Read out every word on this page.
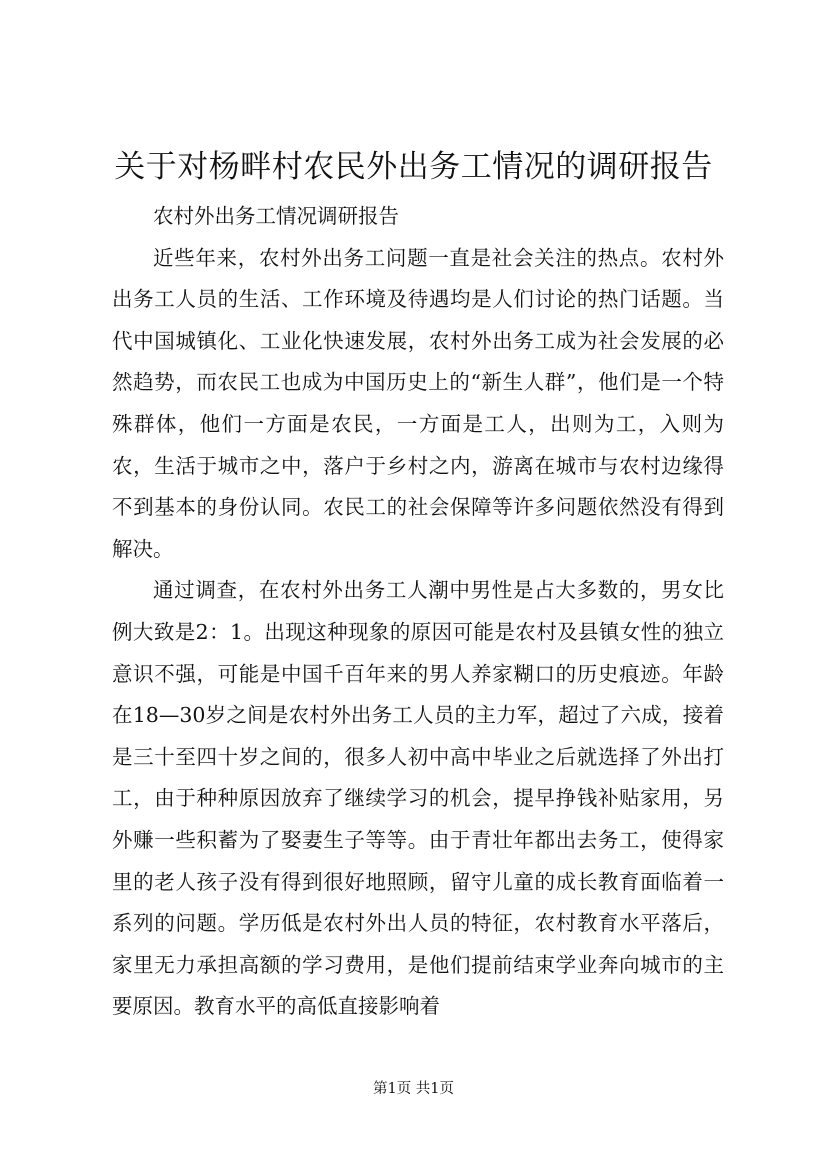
关于对杨畔村农民外出务工情况的调研报告

农村外出务工情况调研报告

近些年来，农村外出务工问题一直是社会关注的热点。农村外出务工人员的生活、工作环境及待遇均是人们讨论的热门话题。当代中国城镇化、工业化快速发展，农村外出务工成为社会发展的必然趋势，而农民工也成为中国历史上的“新生人群”，他们是一个特殊群体，他们一方面是农民，一方面是工人，出则为工，入则为农，生活于城市之中，落户于乡村之内，游离在城市与农村边缘得不到基本的身份认同。农民工的社会保障等许多问题依然没有得到解决。

通过调查，在农村外出务工人潮中男性是占大多数的，男女比例大致是2：1。出现这种现象的原因可能是农村及县镇女性的独立意识不强，可能是中国千百年来的男人养家糊口的历史痕迹。年龄在18—30岁之间是农村外出务工人员的主力军，超过了六成，接着是三十至四十岁之间的，很多人初中高中毕业之后就选择了外出打工，由于种种原因放弃了继续学习的机会，提早挣钱补贴家用，另外赚一些积蓄为了娶妻生子等等。由于青壮年都出去务工，使得家里的老人孩子没有得到很好地照顾，留守儿童的成长教育面临着一系列的问题。学历低是农村外出人员的特征，农村教育水平落后，家里无力承担高额的学习费用，是他们提前结束学业奔向城市的主要原因。教育水平的高低直接影响着

第1页 共1页
